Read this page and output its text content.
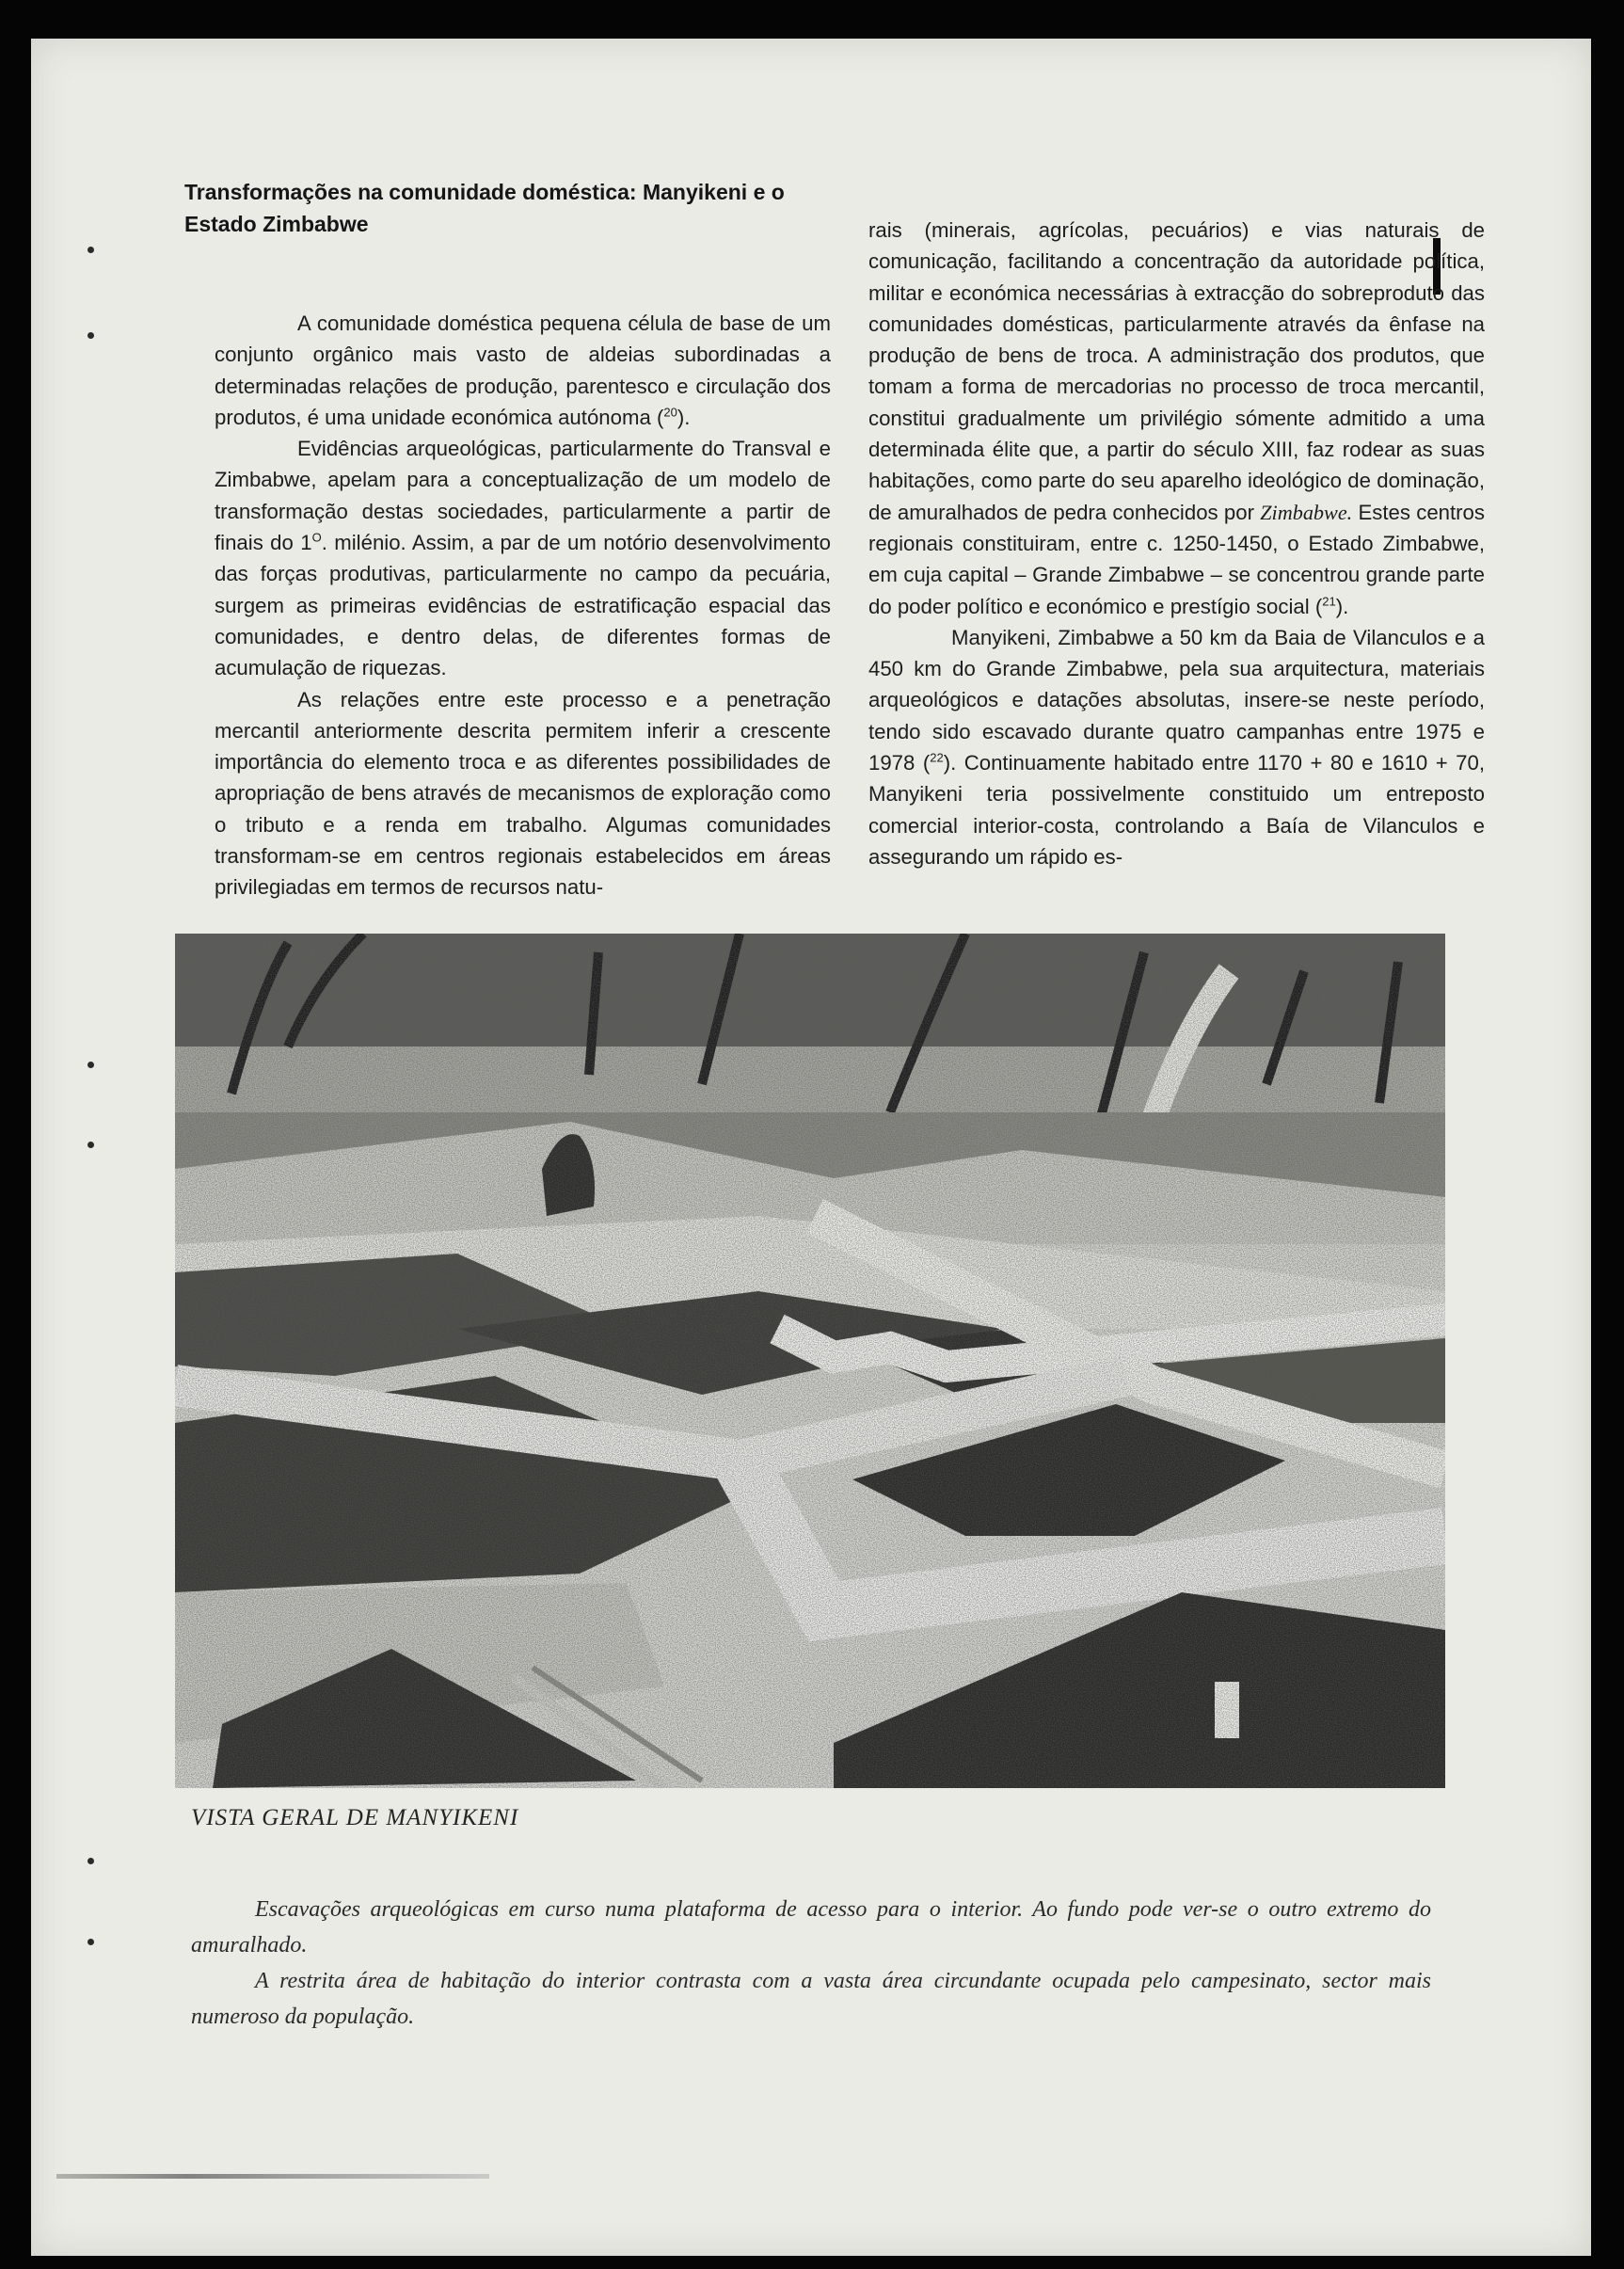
Transformações na comunidade doméstica: Manyikeni e o
Estado Zimbabwe

A comunidade doméstica pequena célula de base de um conjunto orgânico mais vasto de aldeias subordinadas a determinadas relações de produção, parentesco e circulação dos produtos, é uma unidade económica autónoma ($^{20}$).

Evidências arqueológicas, particularmente do Transval e Zimbabwe, apelam para a conceptualização de um modelo de transformação destas sociedades, particularmente a partir de finais do $1^O$. milénio. Assim, a par de um notório desenvolvimento das forças produtivas, particularmente no campo da pecuária, surgem as primeiras evidências de estratificação espacial das comunidades, e dentro delas, de diferentes formas de acumulação de riquezas.

As relações entre este processo e a penetração mercantil anteriormente descrita permitem inferir a crescente importância do elemento troca e as diferentes possibilidades de apropriação de bens através de mecanismos de exploração como o tributo e a renda em trabalho. Algumas comunidades transformam-se em centros regionais estabelecidos em áreas privilegiadas em termos de recursos natu-

rais (minerais, agrícolas, pecuários) e vias naturais de comunicação, facilitando a concentração da autoridade política, militar e económica necessárias à extracção do sobreproduto das comunidades domésticas, particularmente através da ênfase na produção de bens de troca. A administração dos produtos, que tomam a forma de mercadorias no processo de troca mercantil, constitui gradualmente um privilégio sómente admitido a uma determinada élite que, a partir do século XIII, faz rodear as suas habitações, como parte do seu aparelho ideológico de dominação, de amuralhados de pedra conhecidos por Zimbabwe. Estes centros regionais constituiram, entre c. 1250-1450, o Estado Zimbabwe, em cuja capital – Grande Zimbabwe – se concentrou grande parte do poder político e económico e prestígio social ($^{21}$).

Manyikeni, Zimbabwe a 50 km da Baia de Vilanculos e a 450 km do Grande Zimbabwe, pela sua arquitectura, materiais arqueológicos e datações absolutas, insere-se neste período, tendo sido escavado durante quatro campanhas entre 1975 e 1978 ($^{22}$). Continuamente habitado entre 1170 + 80 e 1610 + 70, Manyikeni teria possivelmente constituido um entreposto comercial interior-costa, controlando a Baía de Vilanculos e assegurando um rápido es-

VISTA GERAL DE MANYIKENI
Escavações arqueológicas em curso numa plataforma de acesso para o interior. Ao fundo pode ver-se o outro extremo do amuralhado.
A restrita área de habitação do interior contrasta com a vasta área circundante ocupada pelo campesinato, sector mais numeroso da população.
